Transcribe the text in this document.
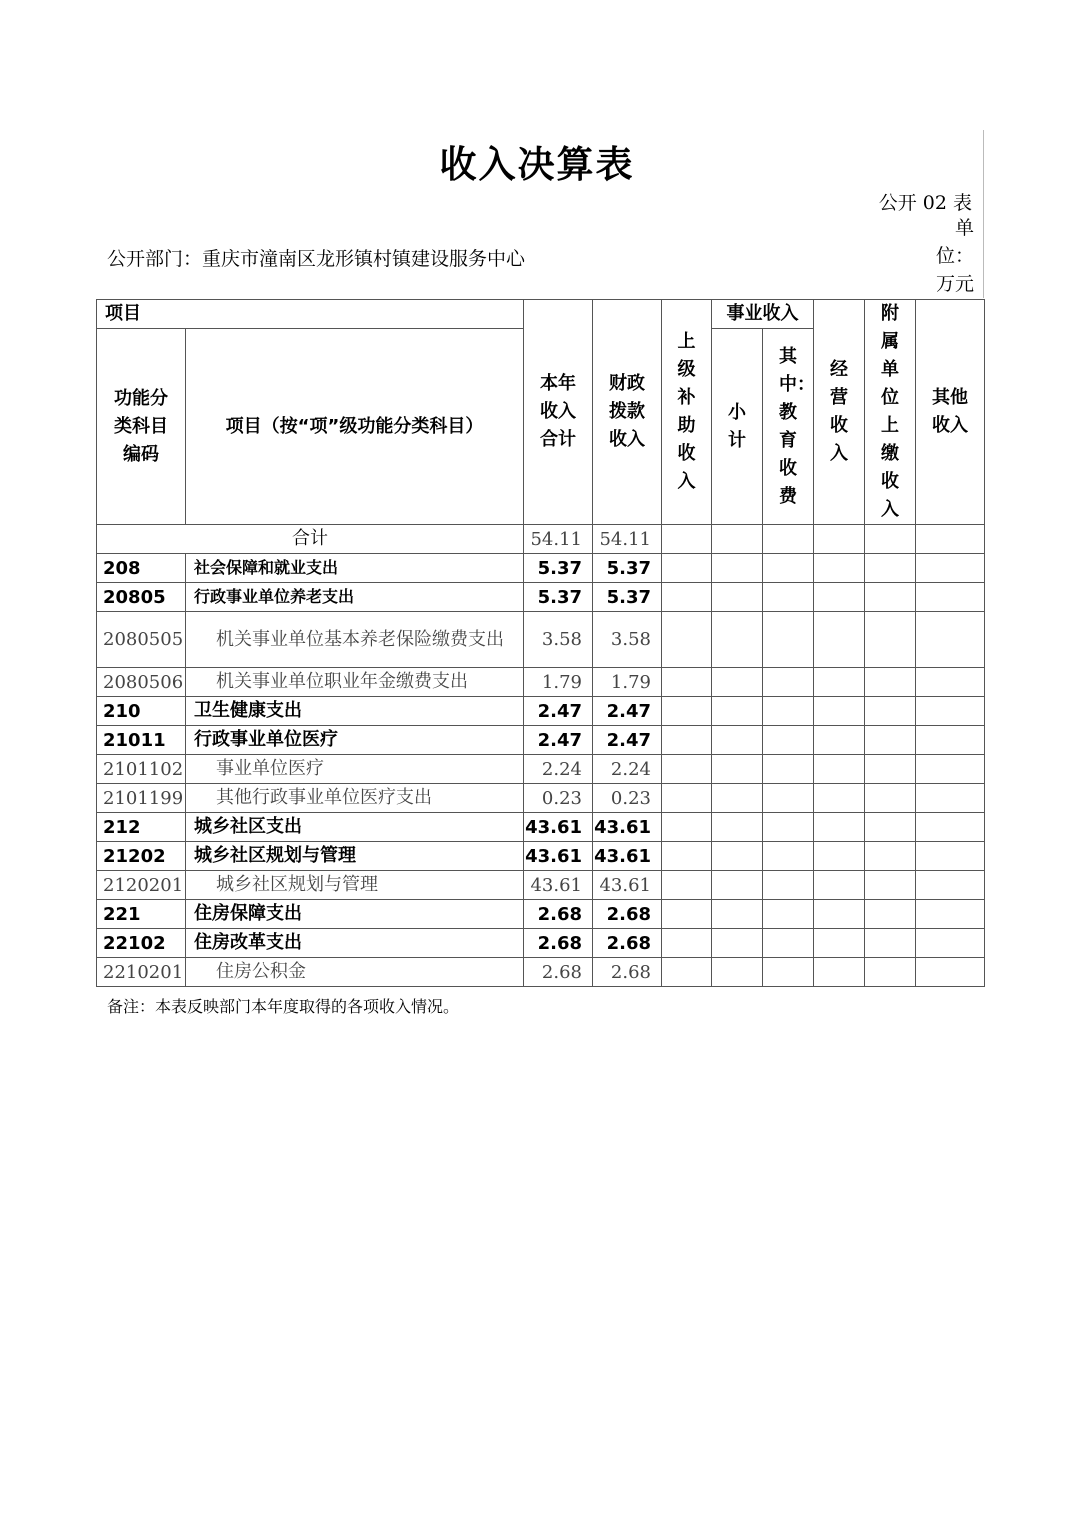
收入决算表
公开 02 表
公开部门：重庆市潼南区龙形镇村镇建设服务中心
单位：万元
项目		本年收入合计	财政拨款收入	上级补助收入	事业收入		经营收入	附属单位上缴收入	其他收入

功能分类科目编码	项目（按“项”级功能分类科目）				小计	其中：教育收费			

合计		54.11	54.11						
208	社会保障和就业支出	5.37	5.37						
20805	行政事业单位养老支出	5.37	5.37						
2080505	机关事业单位基本养老保险缴费支出	3.58	3.58						
2080506	机关事业单位职业年金缴费支出	1.79	1.79						
210	卫生健康支出	2.47	2.47						
21011	行政事业单位医疗	2.47	2.47						
2101102	事业单位医疗	2.24	2.24						
2101199	其他行政事业单位医疗支出	0.23	0.23						
212	城乡社区支出	43.61	43.61						
21202	城乡社区规划与管理	43.61	43.61						
2120201	城乡社区规划与管理	43.61	43.61						
221	住房保障支出	2.68	2.68						
22102	住房改革支出	2.68	2.68						
2210201	住房公积金	2.68	2.68						
备注：本表反映部门本年度取得的各项收入情况。
